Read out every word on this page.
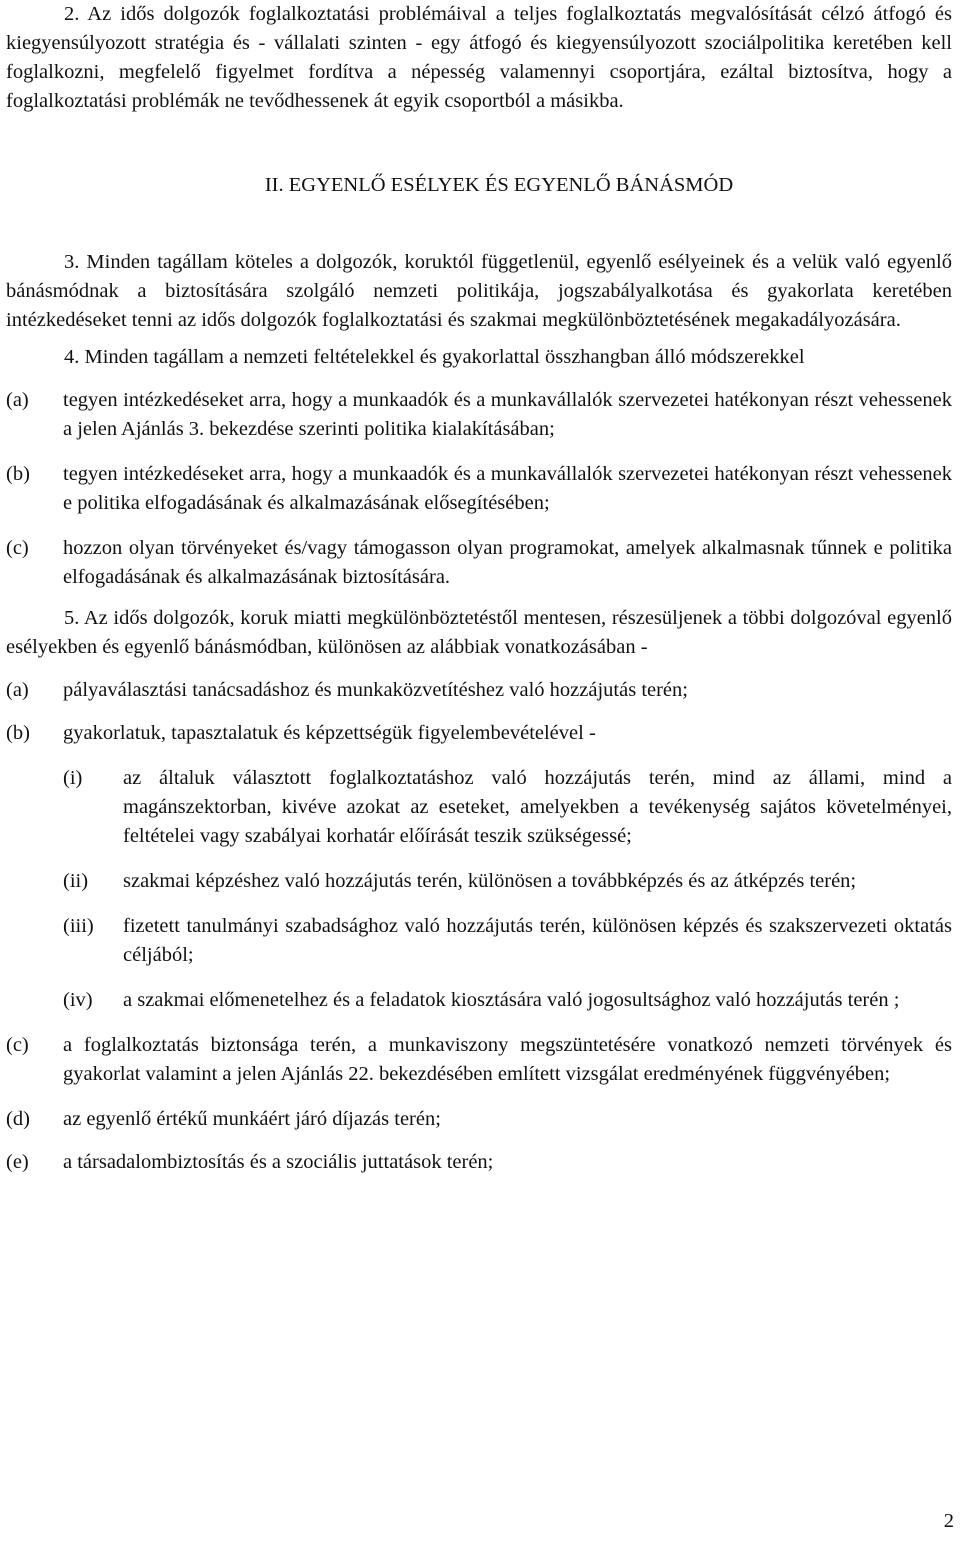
2. Az idős dolgozók foglalkoztatási problémáival a teljes foglalkoztatás megvalósítását célzó átfogó és kiegyensúlyozott stratégia és - vállalati szinten - egy átfogó és kiegyensúlyozott szociálpolitika keretében kell foglalkozni, megfelelő figyelmet fordítva a népesség valamennyi csoportjára, ezáltal biztosítva, hogy a foglalkoztatási problémák ne tevődhessenek át egyik csoportból a másikba.

II. EGYENLŐ ESÉLYEK ÉS EGYENLŐ BÁNÁSMÓD

3. Minden tagállam köteles a dolgozók, koruktól függetlenül, egyenlő esélyeinek és a velük való egyenlő bánásmódnak a biztosítására szolgáló nemzeti politikája, jogszabályalkotása és gyakorlata keretében intézkedéseket tenni az idős dolgozók foglalkoztatási és szakmai megkülönböztetésének megakadályozására.

4. Minden tagállam a nemzeti feltételekkel és gyakorlattal összhangban álló módszerekkel

(a)	tegyen intézkedéseket arra, hogy a munkaadók és a munkavállalók szervezetei hatékonyan részt vehessenek a jelen Ajánlás 3. bekezdése szerinti politika kialakításában;
(b)	tegyen intézkedéseket arra, hogy a munkaadók és a munkavállalók szervezetei hatékonyan részt vehessenek e politika elfogadásának és alkalmazásának elősegítésében;
(c)	hozzon olyan törvényeket és/vagy támogasson olyan programokat, amelyek alkalmasnak tűnnek e politika elfogadásának és alkalmazásának biztosítására.

5. Az idős dolgozók, koruk miatti megkülönböztetéstől mentesen, részesüljenek a többi dolgozóval egyenlő esélyekben és egyenlő bánásmódban, különösen az alábbiak vonatkozásában -

(a)	pályaválasztási tanácsadáshoz és munkaközvetítéshez való hozzájutás terén;
(b)	gyakorlatuk, tapasztalatuk és képzettségük figyelembevételével -
(i)	az általuk választott foglalkoztatáshoz való hozzájutás terén, mind az állami, mind a magánszektorban, kivéve azokat az eseteket, amelyekben a tevékenység sajátos követelményei, feltételei vagy szabályai korhatár előírását teszik szükségessé;
(ii)	szakmai képzéshez való hozzájutás terén, különösen a továbbképzés és az átképzés terén;
(iii)	fizetett tanulmányi szabadsághoz való hozzájutás terén, különösen képzés és szakszervezeti oktatás céljából;
(iv)	a szakmai előmenetelhez és a feladatok kiosztására való jogosultsághoz való hozzájutás terén ;
(c)	a foglalkoztatás biztonsága terén, a munkaviszony megszüntetésére vonatkozó nemzeti törvények és gyakorlat valamint a jelen Ajánlás 22. bekezdésében említett vizsgálat eredményének függvényében;
(d)	az egyenlő értékű munkáért járó díjazás terén;
(e)	a társadalombiztosítás és a szociális juttatások terén;
2
